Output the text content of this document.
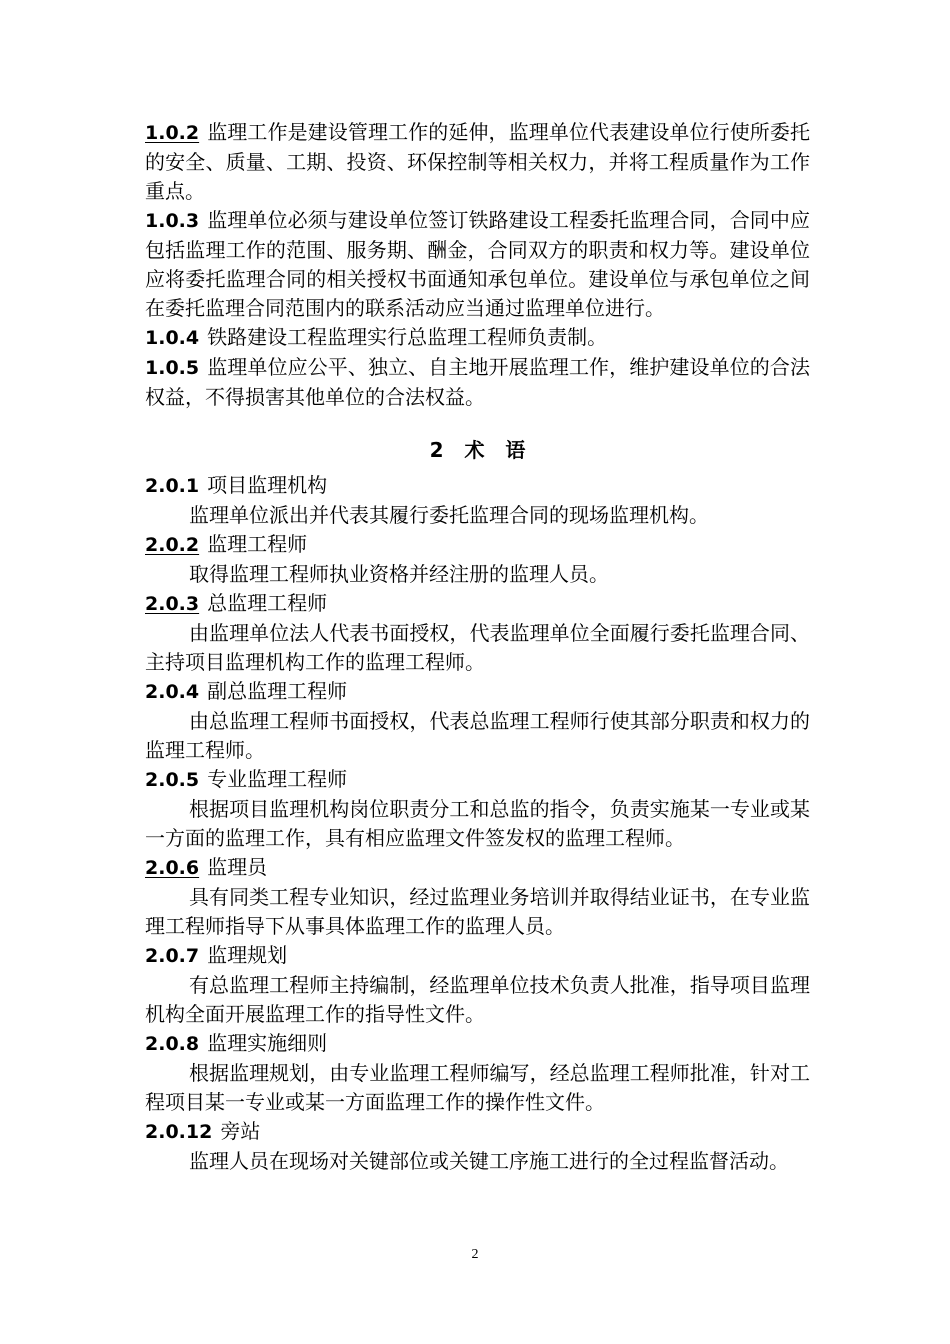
1.0.2 监理工作是建设管理工作的延伸，监理单位代表建设单位行使所委托的安全、质量、工期、投资、环保控制等相关权力，并将工程质量作为工作重点。

1.0.3 监理单位必须与建设单位签订铁路建设工程委托监理合同，合同中应包括监理工作的范围、服务期、酬金，合同双方的职责和权力等。建设单位应将委托监理合同的相关授权书面通知承包单位。建设单位与承包单位之间在委托监理合同范围内的联系活动应当通过监理单位进行。

1.0.4 铁路建设工程监理实行总监理工程师负责制。

1.0.5 监理单位应公平、独立、自主地开展监理工作，维护建设单位的合法权益，不得损害其他单位的合法权益。

2 术 语

2.0.1 项目监理机构

监理单位派出并代表其履行委托监理合同的现场监理机构。

2.0.2 监理工程师

取得监理工程师执业资格并经注册的监理人员。

2.0.3 总监理工程师

由监理单位法人代表书面授权，代表监理单位全面履行委托监理合同、主持项目监理机构工作的监理工程师。

2.0.4 副总监理工程师

由总监理工程师书面授权，代表总监理工程师行使其部分职责和权力的监理工程师。

2.0.5 专业监理工程师

根据项目监理机构岗位职责分工和总监的指令，负责实施某一专业或某一方面的监理工作，具有相应监理文件签发权的监理工程师。

2.0.6 监理员

具有同类工程专业知识，经过监理业务培训并取得结业证书，在专业监理工程师指导下从事具体监理工作的监理人员。

2.0.7 监理规划

有总监理工程师主持编制，经监理单位技术负责人批准，指导项目监理机构全面开展监理工作的指导性文件。

2.0.8 监理实施细则

根据监理规划，由专业监理工程师编写，经总监理工程师批准，针对工程项目某一专业或某一方面监理工作的操作性文件。

2.0.12 旁站

监理人员在现场对关键部位或关键工序施工进行的全过程监督活动。

2
